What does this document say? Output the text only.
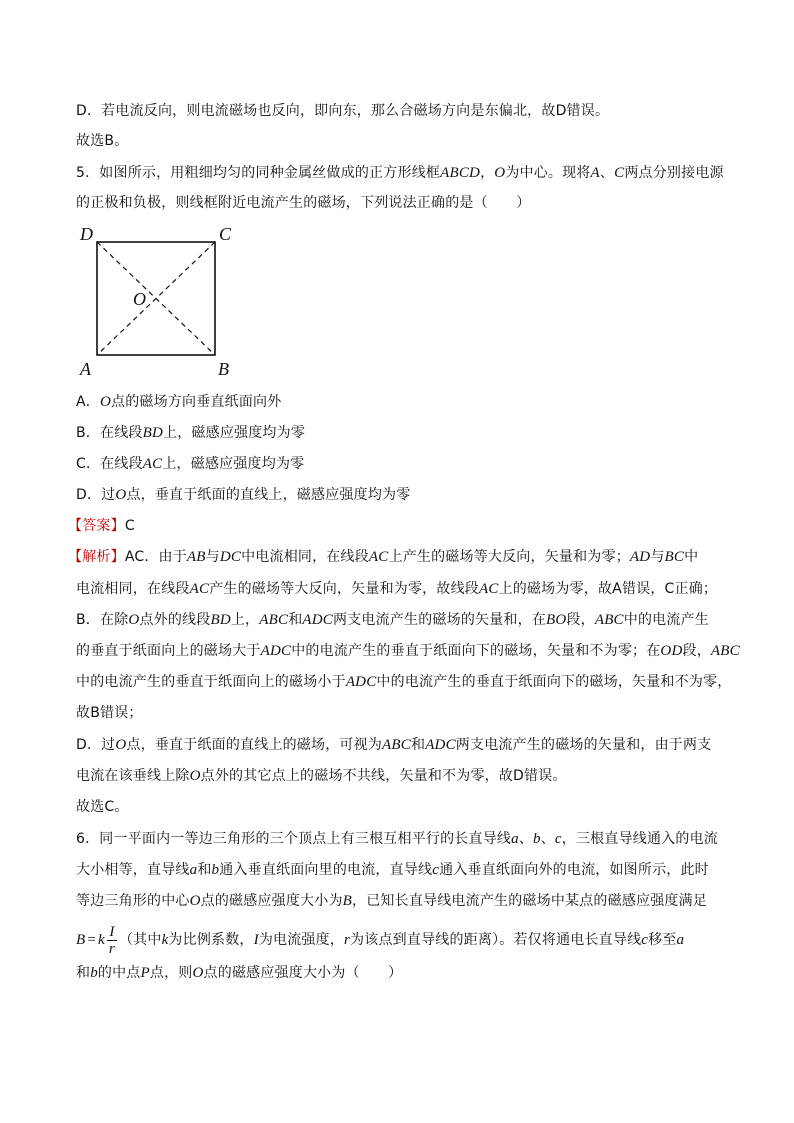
D．若电流反向，则电流磁场也反向，即向东，那么合磁场方向是东偏北，故D错误。
故选B。
5．如图所示，用粗细均匀的同种金属丝做成的正方形线框ABCD，O为中心。现将A、C两点分别接电源
的正极和负极，则线框附近电流产生的磁场，下列说法正确的是（　　）
D	C
O
A	B
A．O点的磁场方向垂直纸面向外
B．在线段BD上，磁感应强度均为零
C．在线段AC上，磁感应强度均为零
D．过O点，垂直于纸面的直线上，磁感应强度均为零
【答案】C
【解析】AC．由于AB与DC中电流相同，在线段AC上产生的磁场等大反向，矢量和为零；AD与BC中
电流相同，在线段AC产生的磁场等大反向，矢量和为零，故线段AC上的磁场为零，故A错误，C正确；
B．在除O点外的线段BD上，ABC和ADC两支电流产生的磁场的矢量和，在BO段，ABC中的电流产生
的垂直于纸面向上的磁场大于ADC中的电流产生的垂直于纸面向下的磁场，矢量和不为零；在OD段，ABC
中的电流产生的垂直于纸面向上的磁场小于ADC中的电流产生的垂直于纸面向下的磁场，矢量和不为零，
故B错误；
D．过O点，垂直于纸面的直线上的磁场，可视为ABC和ADC两支电流产生的磁场的矢量和，由于两支
电流在该垂线上除O点外的其它点上的磁场不共线，矢量和不为零，故D错误。
故选C。
6．同一平面内一等边三角形的三个顶点上有三根互相平行的长直导线a、b、c，三根直导线通入的电流
大小相等，直导线a和b通入垂直纸面向里的电流，直导线c通入垂直纸面向外的电流，如图所示，此时
等边三角形的中心O点的磁感应强度大小为B，已知长直导线电流产生的磁场中某点的磁感应强度满足
B = k $\frac{I}{r}$ （其中k为比例系数，I为电流强度，r为该点到直导线的距离）。若仅将通电长直导线c移至a
和b的中点P点，则O点的磁感应强度大小为（　　）
